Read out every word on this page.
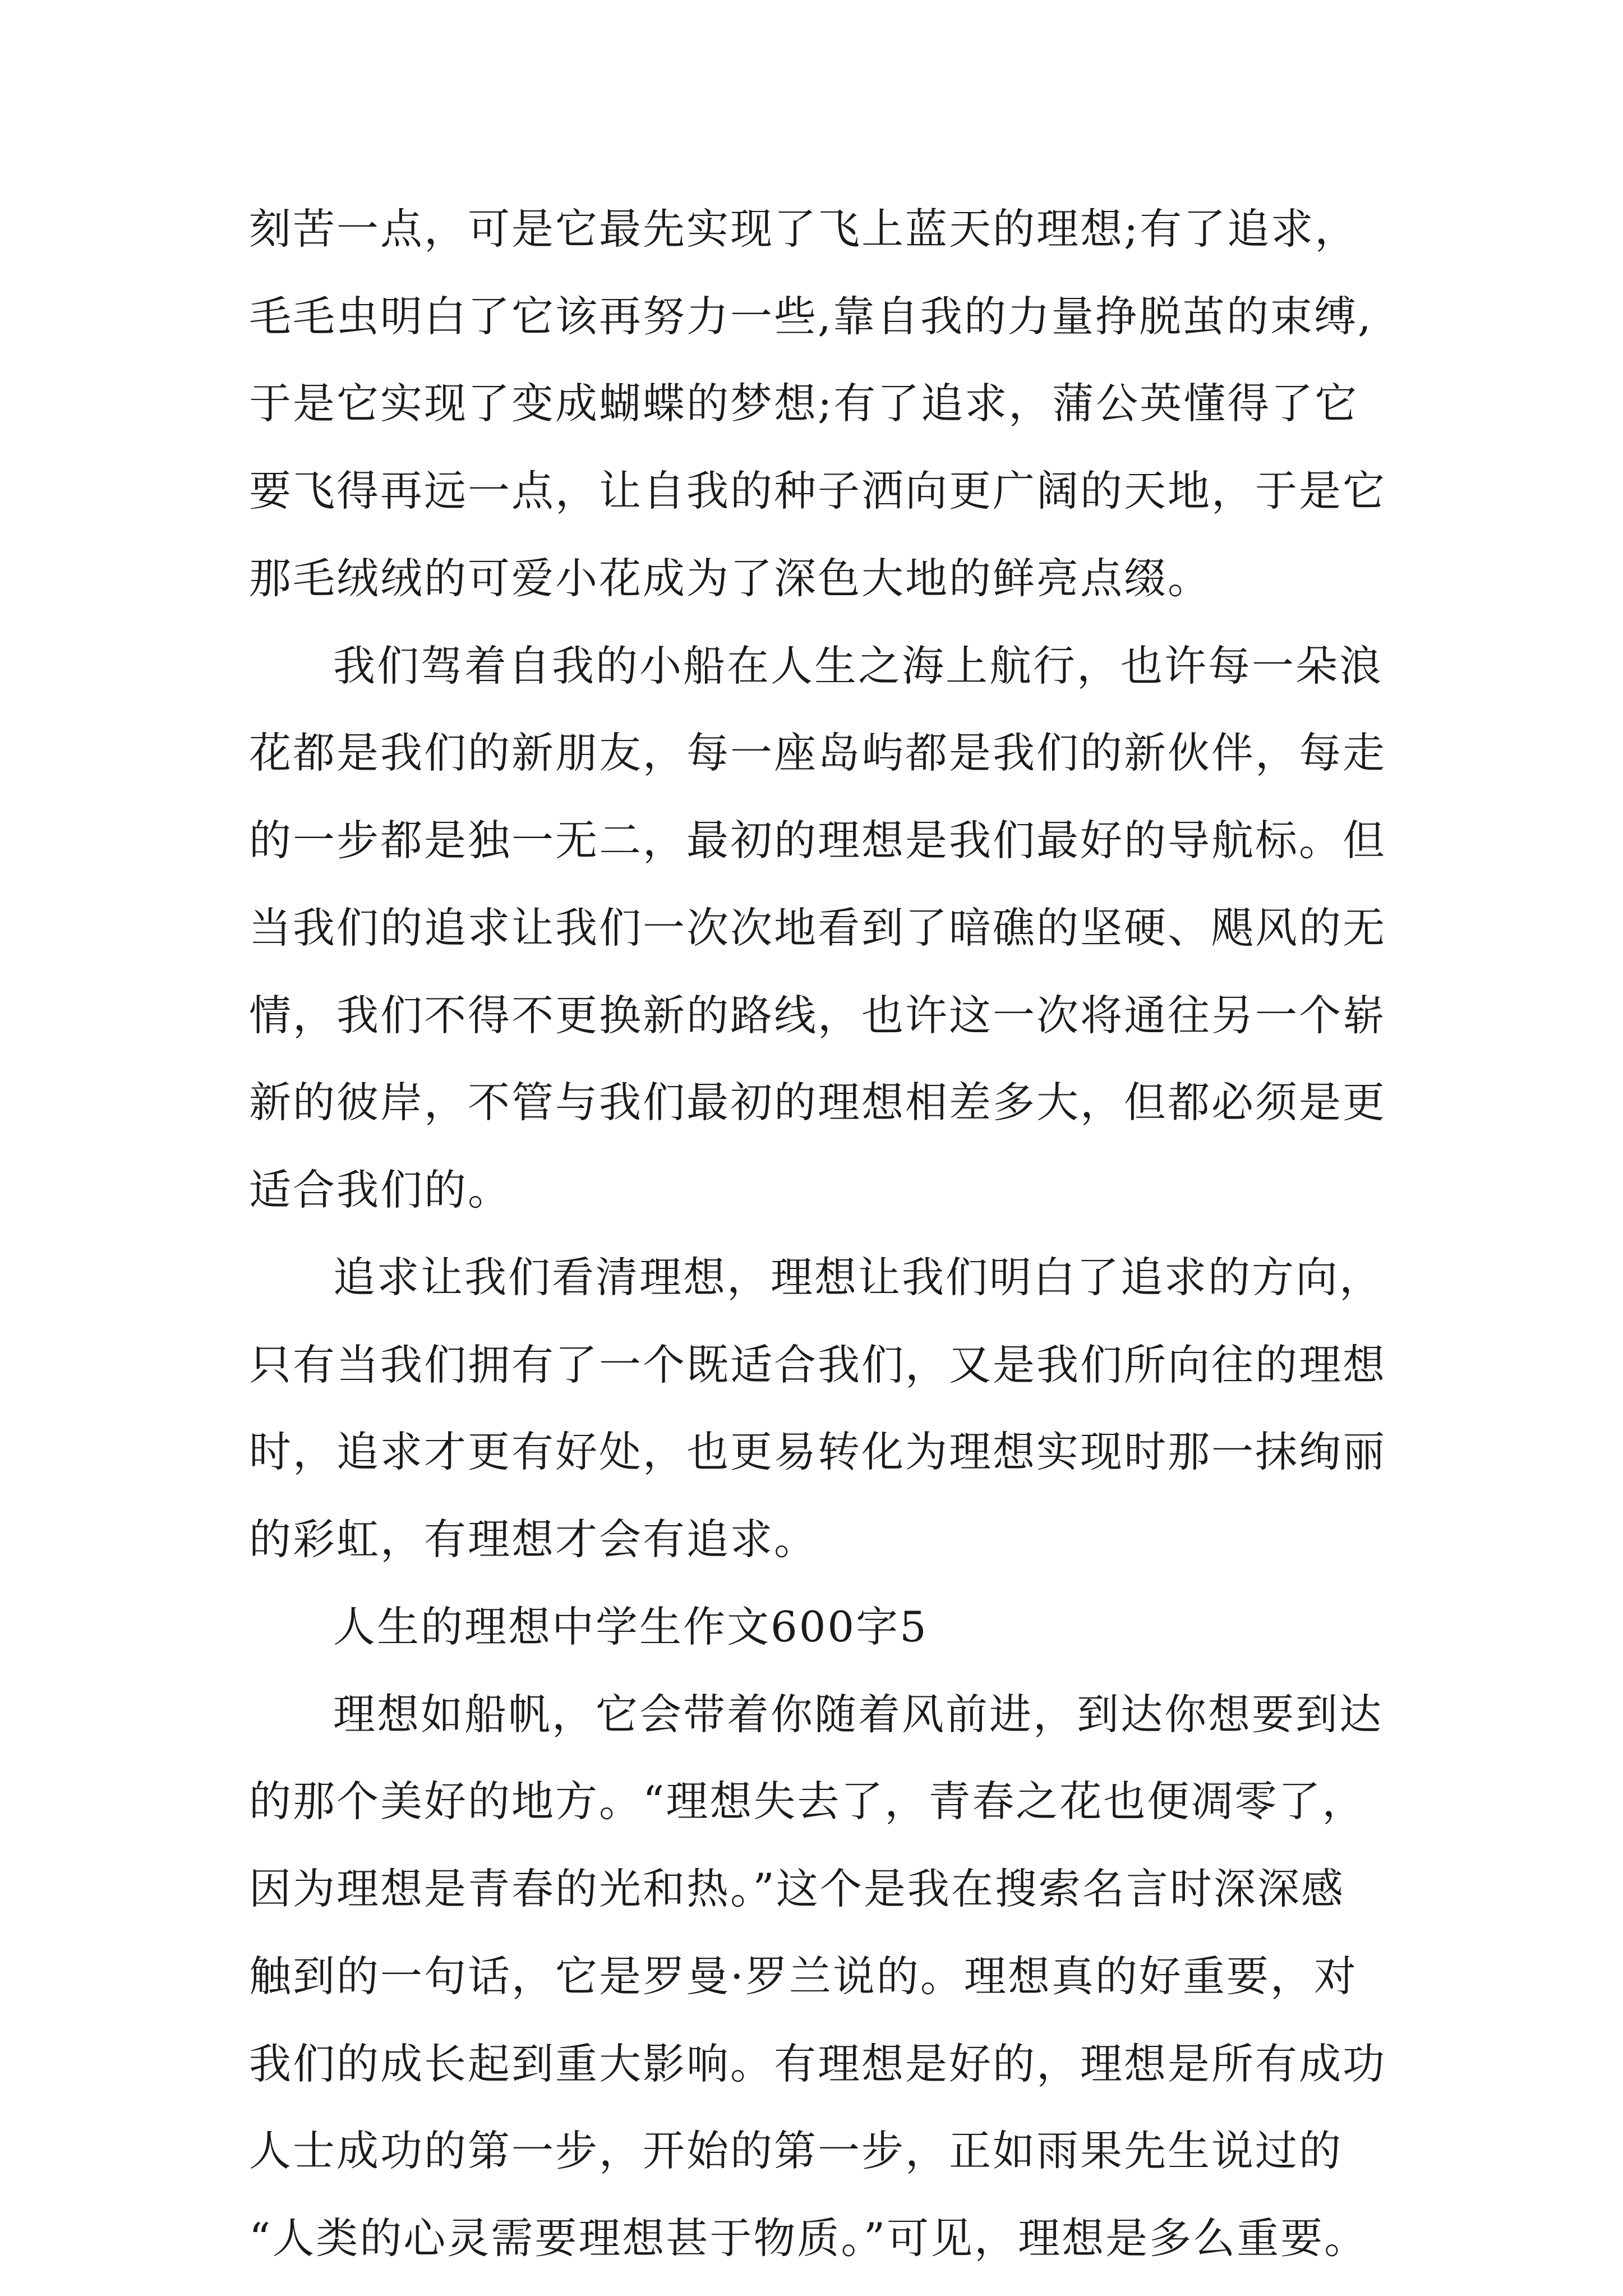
刻苦一点，可是它最先实现了飞上蓝天的理想;有了追求，
毛毛虫明白了它该再努力一些,靠自我的力量挣脱茧的束缚,
于是它实现了变成蝴蝶的梦想;有了追求，蒲公英懂得了它
要飞得再远一点，让自我的种子洒向更广阔的天地，于是它
那毛绒绒的可爱小花成为了深色大地的鲜亮点缀。
我们驾着自我的小船在人生之海上航行，也许每一朵浪
花都是我们的新朋友，每一座岛屿都是我们的新伙伴，每走
的一步都是独一无二，最初的理想是我们最好的导航标。但
当我们的追求让我们一次次地看到了暗礁的坚硬、飓风的无
情，我们不得不更换新的路线，也许这一次将通往另一个崭
新的彼岸，不管与我们最初的理想相差多大，但都必须是更
适合我们的。
追求让我们看清理想，理想让我们明白了追求的方向，
只有当我们拥有了一个既适合我们，又是我们所向往的理想
时，追求才更有好处，也更易转化为理想实现时那一抹绚丽
的彩虹，有理想才会有追求。
人生的理想中学生作文600字5
理想如船帆，它会带着你随着风前进，到达你想要到达
的那个美好的地方。“理想失去了，青春之花也便凋零了，
因为理想是青春的光和热。”这个是我在搜索名言时深深感
触到的一句话，它是罗曼·罗兰说的。理想真的好重要，对
我们的成长起到重大影响。有理想是好的，理想是所有成功
人士成功的第一步，开始的第一步，正如雨果先生说过的
“人类的心灵需要理想甚于物质。”可见，理想是多么重要。
